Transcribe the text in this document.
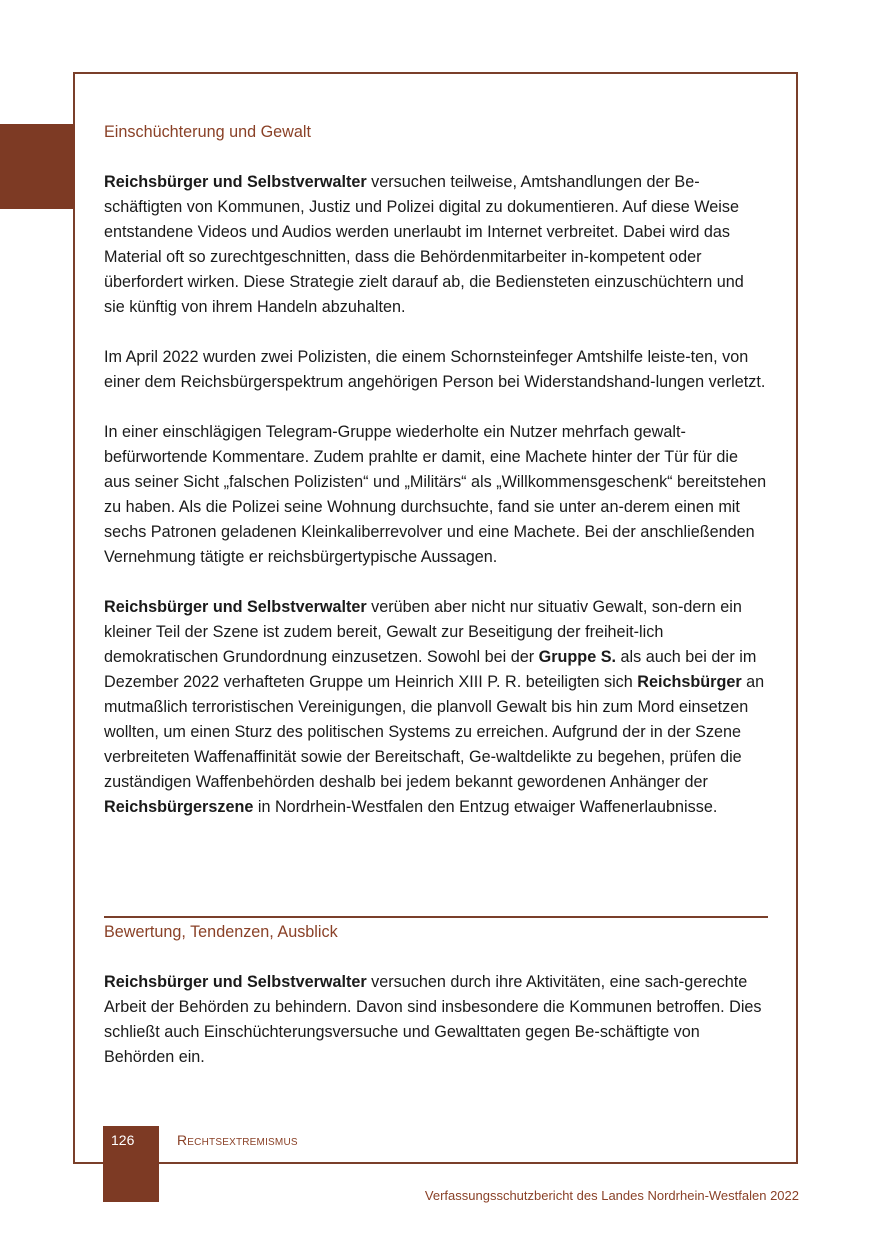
Einschüchterung und Gewalt

Reichsbürger und Selbstverwalter versuchen teilweise, Amtshandlungen der Be-schäftigten von Kommunen, Justiz und Polizei digital zu dokumentieren. Auf diese Weise entstandene Videos und Audios werden unerlaubt im Internet verbreitet. Dabei wird das Material oft so zurechtgeschnitten, dass die Behördenmitarbeiter in-kompetent oder überfordert wirken. Diese Strategie zielt darauf ab, die Bediensteten einzuschüchtern und sie künftig von ihrem Handeln abzuhalten.

Im April 2022 wurden zwei Polizisten, die einem Schornsteinfeger Amtshilfe leiste-ten, von einer dem Reichsbürgerspektrum angehörigen Person bei Widerstandshand-lungen verletzt.

In einer einschlägigen Telegram-Gruppe wiederholte ein Nutzer mehrfach gewalt-befürwortende Kommentare. Zudem prahlte er damit, eine Machete hinter der Tür für die aus seiner Sicht „falschen Polizisten“ und „Militärs“ als „Willkommensgeschenk“ bereitstehen zu haben. Als die Polizei seine Wohnung durchsuchte, fand sie unter an-derem einen mit sechs Patronen geladenen Kleinkaliberrevolver und eine Machete. Bei der anschließenden Vernehmung tätigte er reichsbürgertypische Aussagen.

Reichsbürger und Selbstverwalter verüben aber nicht nur situativ Gewalt, son-dern ein kleiner Teil der Szene ist zudem bereit, Gewalt zur Beseitigung der freiheit-lich demokratischen Grundordnung einzusetzen. Sowohl bei der Gruppe S. als auch bei der im Dezember 2022 verhafteten Gruppe um Heinrich XIII P. R. beteiligten sich Reichsbürger an mutmaßlich terroristischen Vereinigungen, die planvoll Gewalt bis hin zum Mord einsetzen wollten, um einen Sturz des politischen Systems zu erreichen. Aufgrund der in der Szene verbreiteten Waffenaffinität sowie der Bereitschaft, Ge-waltdelikte zu begehen, prüfen die zuständigen Waffenbehörden deshalb bei jedem bekannt gewordenen Anhänger der Reichsbürgerszene in Nordrhein-Westfalen den Entzug etwaiger Waffenerlaubnisse.

Bewertung, Tendenzen, Ausblick

Reichsbürger und Selbstverwalter versuchen durch ihre Aktivitäten, eine sach-gerechte Arbeit der Behörden zu behindern. Davon sind insbesondere die Kommunen betroffen. Dies schließt auch Einschüchterungsversuche und Gewalttaten gegen Be-schäftigte von Behörden ein.

126	Rechtsextremismus
Verfassungsschutzbericht des Landes Nordrhein-Westfalen 2022
